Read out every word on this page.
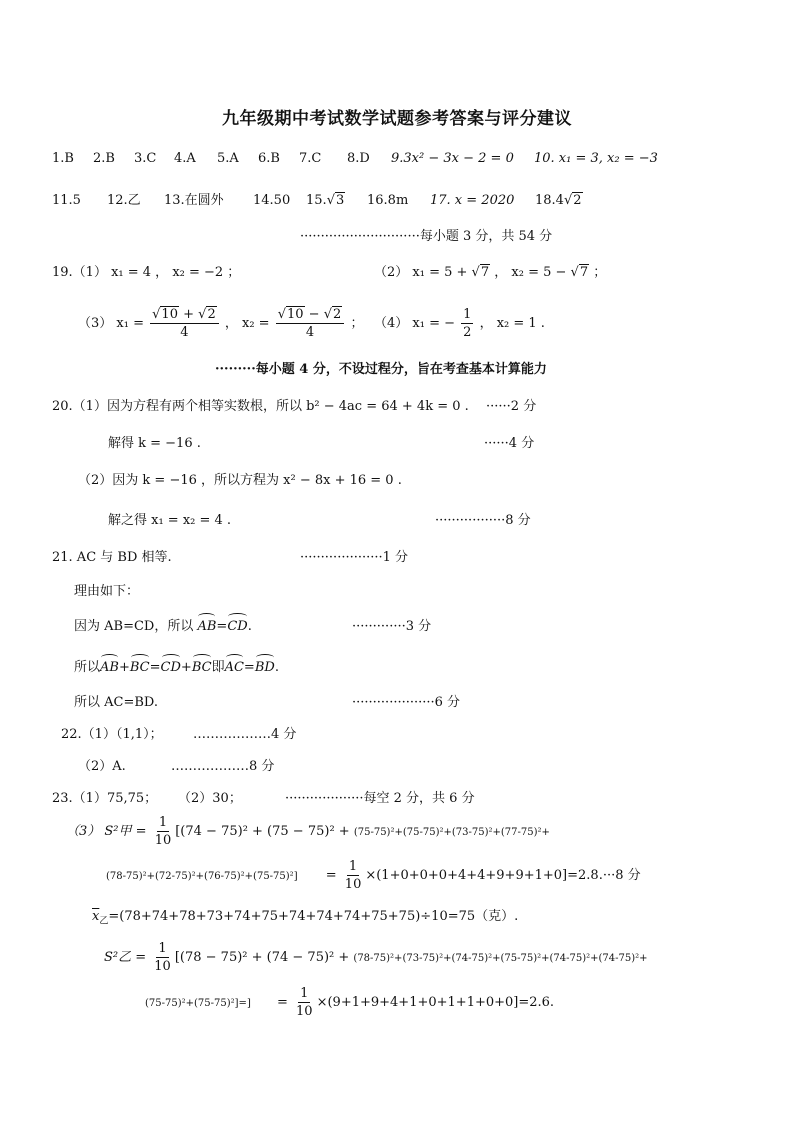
九年级期中考试数学试题参考答案与评分建议
1.B 2.B 3.C 4.A 5.A 6.B 7.C 8.D 9.3x² − 3x − 2 = 0 10. x₁ = 3, x₂ = −3
11.5 12.乙 13.在圆外 14.50 15.√3 16.8m 17. x = 2020 18.4√2
·····························每小题 3 分，共 54 分
19.（1） x₁ = 4 ， x₂ = −2 ；	（2） x₁ = 5 + √7 ， x₂ = 5 − √7 ；
（3） $x_1 = \frac{√10 + √2}{4}$ ， $x_2 = \frac{√10 - √2}{4}$ ； （4） x₁ = − $\frac{1}{2}$ ， x₂ = 1 .
·········每小题 4 分，不设过程分，旨在考查基本计算能力
20.（1）因为方程有两个相等实数根，所以 b² − 4ac = 64 + 4k = 0 . ······2 分
解得 k = −16 .	······4 分
（2）因为 k = −16 ，所以方程为 x² − 8x + 16 = 0 .
解之得 x₁ = x₂ = 4 .	·················8 分
21. AC 与 BD 相等.	····················1 分
理由如下：
因为 AB=CD，所以 AB=CD.	·············3 分
所以AB+BC=CD+BC即AC=BD.
所以 AC=BD.	····················6 分
22.（1）（1,1）； ………………4 分
（2）A.	………………8 分
23.（1）75,75； （2）30；	···················每空 2 分，共 6 分
（3） S²甲 = $\frac{1}{10} [(74 - 75)^2 + (75 - 75)^2 + (75-75)^2+(75-75)^2+(73-75)^2+(77-75)^2+$
$(78-75)^2+(72-75)^2+(76-75)^2+(75-75)^2] = \frac{1}{10} \times(1+0+0+0+4+4+9+9+1+0]=2.8.\cdot\cdot\cdot 8$ 分
$\overline{x}_乙=(78+74+78+73+74+75+74+74+74+75+75)\div 10=75$（克）.
S²乙 = $\frac{1}{10} [(78 - 75)^2 + (74 - 75)^2 + (78-75)^2+(73-75)^2+(74-75)^2+(75-75)^2+(74-75)^2+(74-75)^2+$
$(75-75)^2+(75-75)^2]=] = \frac{1}{10} \times(9+1+9+4+1+0+1+1+0+0]=2.6$.
